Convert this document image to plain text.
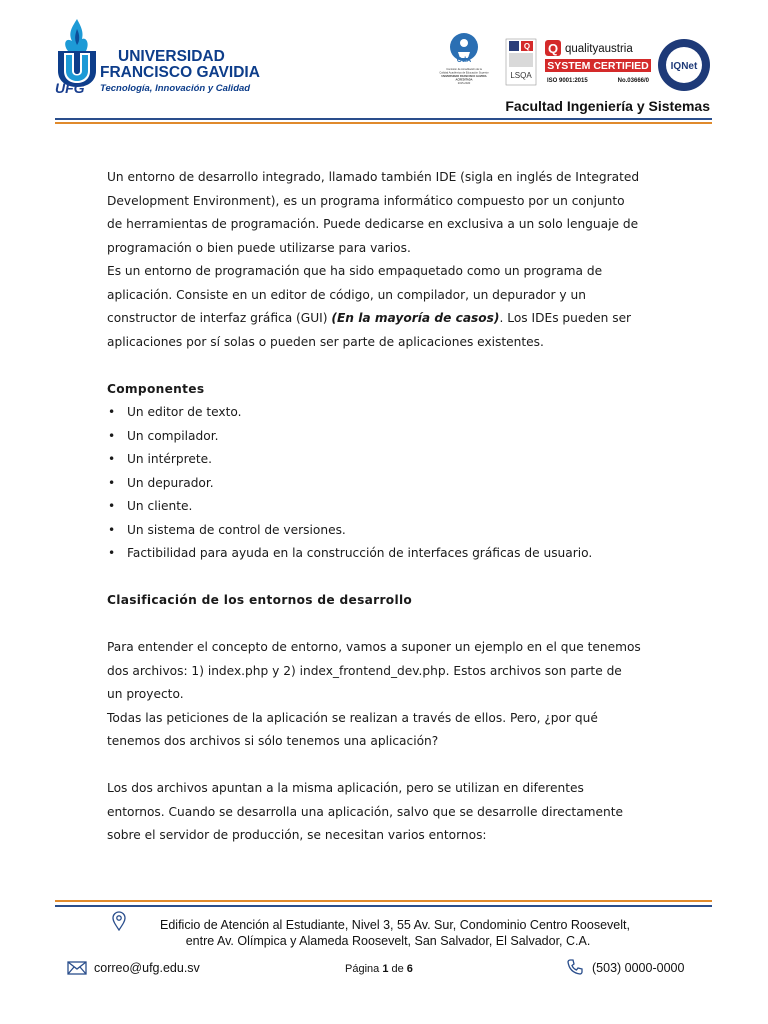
UFG
UNIVERSIDAD
FRANCISCO GAVIDIA
Tecnología, Innovación y Calidad
CdA
Comisión de Acreditación de la
Calidad Académica de Educación Superior
UNIVERSIDAD FRANCISCO GAVIDIA
ACREDITADA
2015-2020
Q
LSQA
Q qualityaustria
SYSTEM CERTIFIED
ISO 9001:2015	No.03666/0
IQNet
Facultad Ingeniería y Sistemas

Un entorno de desarrollo integrado, llamado también IDE (sigla en inglés de Integrated

Development Environment), es un programa informático compuesto por un conjunto

de herramientas de programación. Puede dedicarse en exclusiva a un solo lenguaje de

programación o bien puede utilizarse para varios.

Es un entorno de programación que ha sido empaquetado como un programa de

aplicación. Consiste en un editor de código, un compilador, un depurador y un

constructor de interfaz gráfica (GUI) (En la mayoría de casos). Los IDEs pueden ser

aplicaciones por sí solas o pueden ser parte de aplicaciones existentes.

Componentes
• Un editor de texto.
• Un compilador.
• Un intérprete.
• Un depurador.
• Un cliente.
• Un sistema de control de versiones.
• Factibilidad para ayuda en la construcción de interfaces gráficas de usuario.
Clasificación de los entornos de desarrollo

Para entender el concepto de entorno, vamos a suponer un ejemplo en el que tenemos

dos archivos: 1) index.php y 2) index_frontend_dev.php. Estos archivos son parte de

un proyecto.

Todas las peticiones de la aplicación se realizan a través de ellos. Pero, ¿por qué

tenemos dos archivos si sólo tenemos una aplicación?

Los dos archivos apuntan a la misma aplicación, pero se utilizan en diferentes

entornos. Cuando se desarrolla una aplicación, salvo que se desarrolle directamente

sobre el servidor de producción, se necesitan varios entornos:

Edificio de Atención al Estudiante, Nivel 3, 55 Av. Sur, Condominio Centro Roosevelt,
entre Av. Olímpica y Alameda Roosevelt, San Salvador, El Salvador, C.A.
correo@ufg.edu.sv	Página 1 de 6	(503) 0000-0000
